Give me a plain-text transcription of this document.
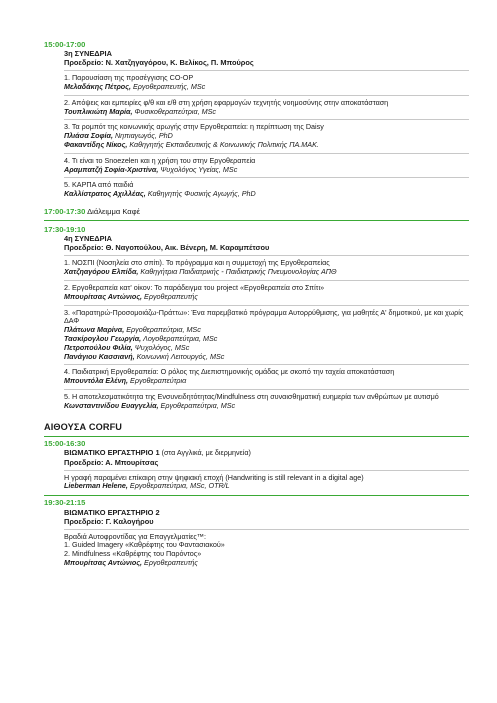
15:00-17:00
3η ΣΥΝΕΔΡΙΑ
Προεδρείο: Ν. Χατζηγαγόρου, Κ. Βελίκος, Π. Μπούρος
1. Παρουσίαση της προσέγγισης CO-OP
Μελαδάκης Πέτρος, Εργοθεραπευτής, MSc
2. Απόψεις και εμπειρίες φ/θ και ε/θ στη χρήση εφαρμογών τεχνητής νοημοσύνης στην αποκατάσταση
Τουπλικιώτη Μαρία, Φυσικοθεραπεύτρια, MSc
3. Τα ρομπότ της κοινωνικής αρωγής στην Εργοθεραπεία: η περίπτωση της Daisy
Πλιάσα Σοφία, Νηπιαγωγός, PhD
Φακαντίδης Νίκος, Καθηγητής Εκπαιδευτικής & Κοινωνικής Πολιτικής ΠΑ.ΜΑΚ.
4. Τι είναι το Snoezelen και η χρήση του στην Εργοθεραπεία
Αραμπατζή Σοφία-Χριστίνα, Ψυχολόγος Υγείας, MSc
5. ΚΑΡΠΑ από παιδιά
Καλλίστρατος Αχιλλέας, Καθηγητής Φυσικής Αγωγής, PhD
17:00-17:30 Διάλειμμα Καφέ
17:30-19:10
4η ΣΥΝΕΔΡΙΑ
Προεδρείο: Θ. Ναγοπούλου, Αικ. Βένερη, Μ. Καραμπέτσου
1. ΝΟΣΠΙ (Νοσηλεία στο σπίτι). Το πρόγραμμα και η συμμετοχή της Εργοθεραπείας
Χατζηαγόρου Ελπίδα, Καθηγήτρια Παιδιατρικής - Παιδιατρικής Πνευμονολογίας ΑΠΘ
2. Εργοθεραπεία κατ' οίκον: Το παράδειγμα του project «Εργοθεραπεία στο Σπίτι»
Μπουρίτσας Αντώνιος, Εργοθεραπευτής
3. «Παρατηρώ-Προσομοιάζω-Πράττω»: Ένα παρεμβατικό πρόγραμμα Αυτορρύθμισης, για μαθητές Α' δημοτικού, με και χωρίς ΔΑΦ
Πλάτωνα Μαρίνα, Εργοθεραπεύτρια, MSc
Τασκίρογλου Γεωργία, Λογοθεραπεύτρια, MSc
Πετροπούλου Φιλία, Ψυχολόγος, MSc
Πανάγιου Κασσιανή, Κοινωνική Λειτουργός, MSc
4. Παιδιατρική Εργοθεραπεία: Ο ρόλος της Διεπιστημονικής ομάδας με σκοπό την ταχεία αποκατάσταση
Μπουντόλα Ελένη, Εργοθεραπεύτρια
5. Η αποτελεσματικότητα της Ενσυνειδητότητας/Mindfulness στη συναισθηματική ευημερία των ανθρώπων με αυτισμό
Κωνσταντινίδου Ευαγγελία, Εργοθεραπεύτρια, MSc
ΑΙΘΟΥΣΑ CORFU
15:00-16:30
ΒΙΩΜΑΤΙΚΟ ΕΡΓΑΣΤΗΡΙΟ 1 (στα Αγγλικά, με διερμηνεία)
Προεδρείο: Α. Μπουρίτσας
Η γραφή παραμένει επίκαιρη στην ψηφιακή εποχή (Handwriting is still relevant in a digital age)
Lieberman Helene, Εργοθεραπεύτρια, MSc, OTR/L
19:30-21:15
ΒΙΩΜΑΤΙΚΟ ΕΡΓΑΣΤΗΡΙΟ 2
Προεδρείο: Γ. Καλογήρου
Βραδιά Αυτοφροντίδας για Επαγγελματίες™:
1. Guided Imagery «Καθρέφτης του Φαντασιακού»
2. Mindfulness «Καθρέφτης του Παρόντος»
Μπουρίτσας Αντώνιος, Εργοθεραπευτής
